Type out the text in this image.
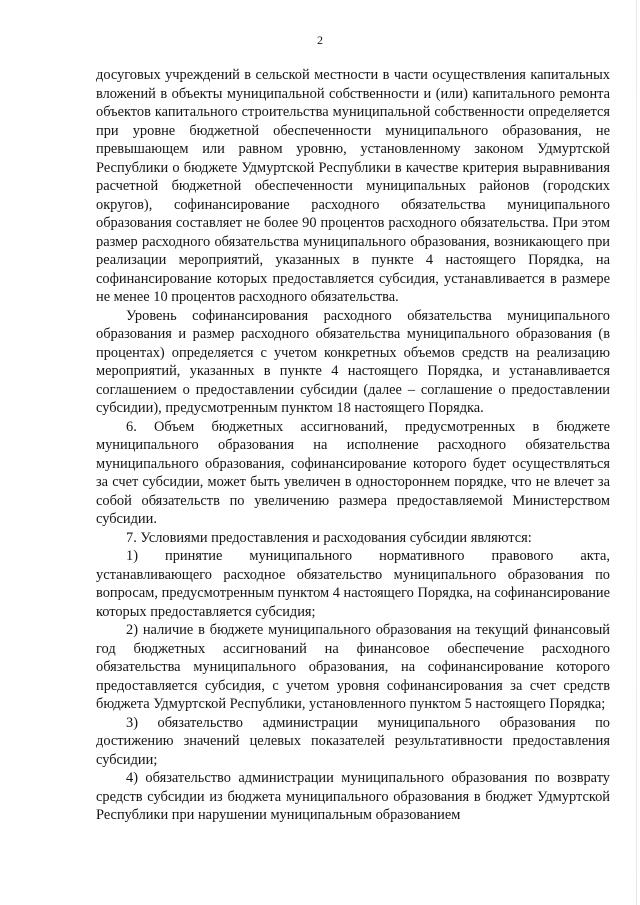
2

досуговых учреждений в сельской местности в части осуществления капитальных вложений в объекты муниципальной собственности и (или) капитального ремонта объектов капитального строительства муниципальной собственности определяется при уровне бюджетной обеспеченности муниципального образования, не превышающем или равном уровню, установленному законом Удмуртской Республики о бюджете Удмуртской Республики в качестве критерия выравнивания расчетной бюджетной обеспеченности муниципальных районов (городских округов), софинансирование расходного обязательства муниципального образования составляет не более 90 процентов расходного обязательства. При этом размер расходного обязательства муниципального образования, возникающего при реализации мероприятий, указанных в пункте 4 настоящего Порядка, на софинансирование которых предоставляется субсидия, устанавливается в размере не менее 10 процентов расходного обязательства.

Уровень софинансирования расходного обязательства муниципального образования и размер расходного обязательства муниципального образования (в процентах) определяется с учетом конкретных объемов средств на реализацию мероприятий, указанных в пункте 4 настоящего Порядка, и устанавливается соглашением о предоставлении субсидии (далее – соглашение о предоставлении субсидии), предусмотренным пунктом 18 настоящего Порядка.

6. Объем бюджетных ассигнований, предусмотренных в бюджете муниципального образования на исполнение расходного обязательства муниципального образования, софинансирование которого будет осуществляться за счет субсидии, может быть увеличен в одностороннем порядке, что не влечет за собой обязательств по увеличению размера предоставляемой Министерством субсидии.

7. Условиями предоставления и расходования субсидии являются:

1) принятие муниципального нормативного правового акта, устанавливающего расходное обязательство муниципального образования по вопросам, предусмотренным пунктом 4 настоящего Порядка, на софинансирование которых предоставляется субсидия;

2) наличие в бюджете муниципального образования на текущий финансовый год бюджетных ассигнований на финансовое обеспечение расходного обязательства муниципального образования, на софинансирование которого предоставляется субсидия, с учетом уровня софинансирования за счет средств бюджета Удмуртской Республики, установленного пунктом 5 настоящего Порядка;

3) обязательство администрации муниципального образования по достижению значений целевых показателей результативности предоставления субсидии;

4) обязательство администрации муниципального образования по возврату средств субсидии из бюджета муниципального образования в бюджет Удмуртской Республики при нарушении муниципальным образованием
